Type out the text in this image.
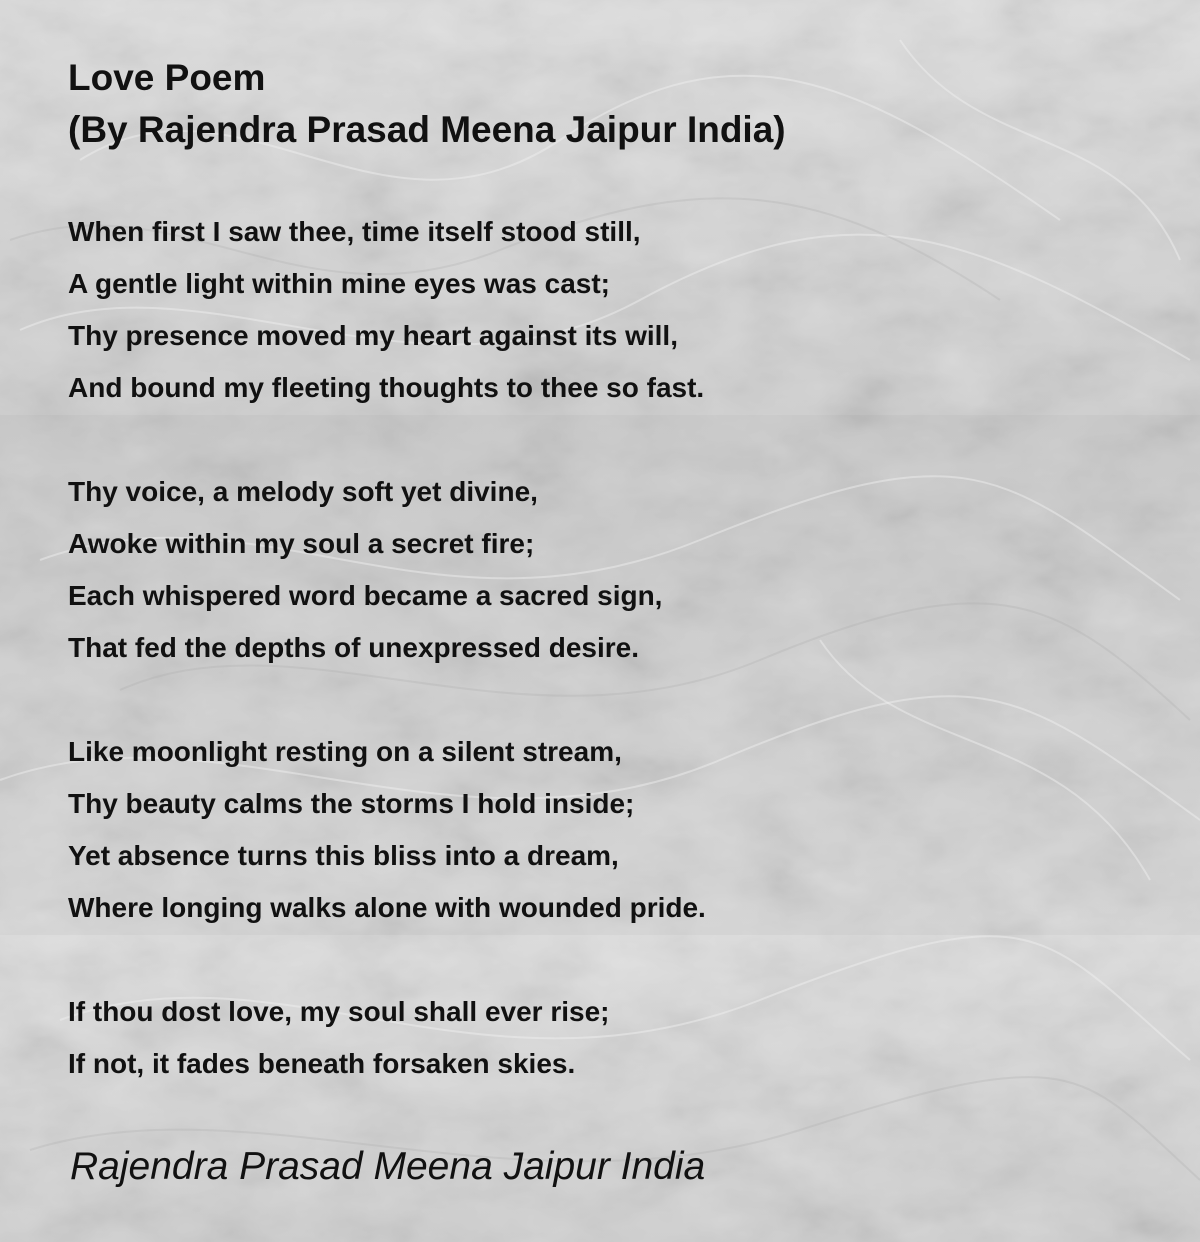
Love Poem
(By Rajendra Prasad Meena Jaipur India)
When first I saw thee, time itself stood still,
A gentle light within mine eyes was cast;
Thy presence moved my heart against its will,
And bound my fleeting thoughts to thee so fast.
Thy voice, a melody soft yet divine,
Awoke within my soul a secret fire;
Each whispered word became a sacred sign,
That fed the depths of unexpressed desire.
Like moonlight resting on a silent stream,
Thy beauty calms the storms I hold inside;
Yet absence turns this bliss into a dream,
Where longing walks alone with wounded pride.
If thou dost love, my soul shall ever rise;
If not, it fades beneath forsaken skies.
Rajendra Prasad Meena Jaipur India
